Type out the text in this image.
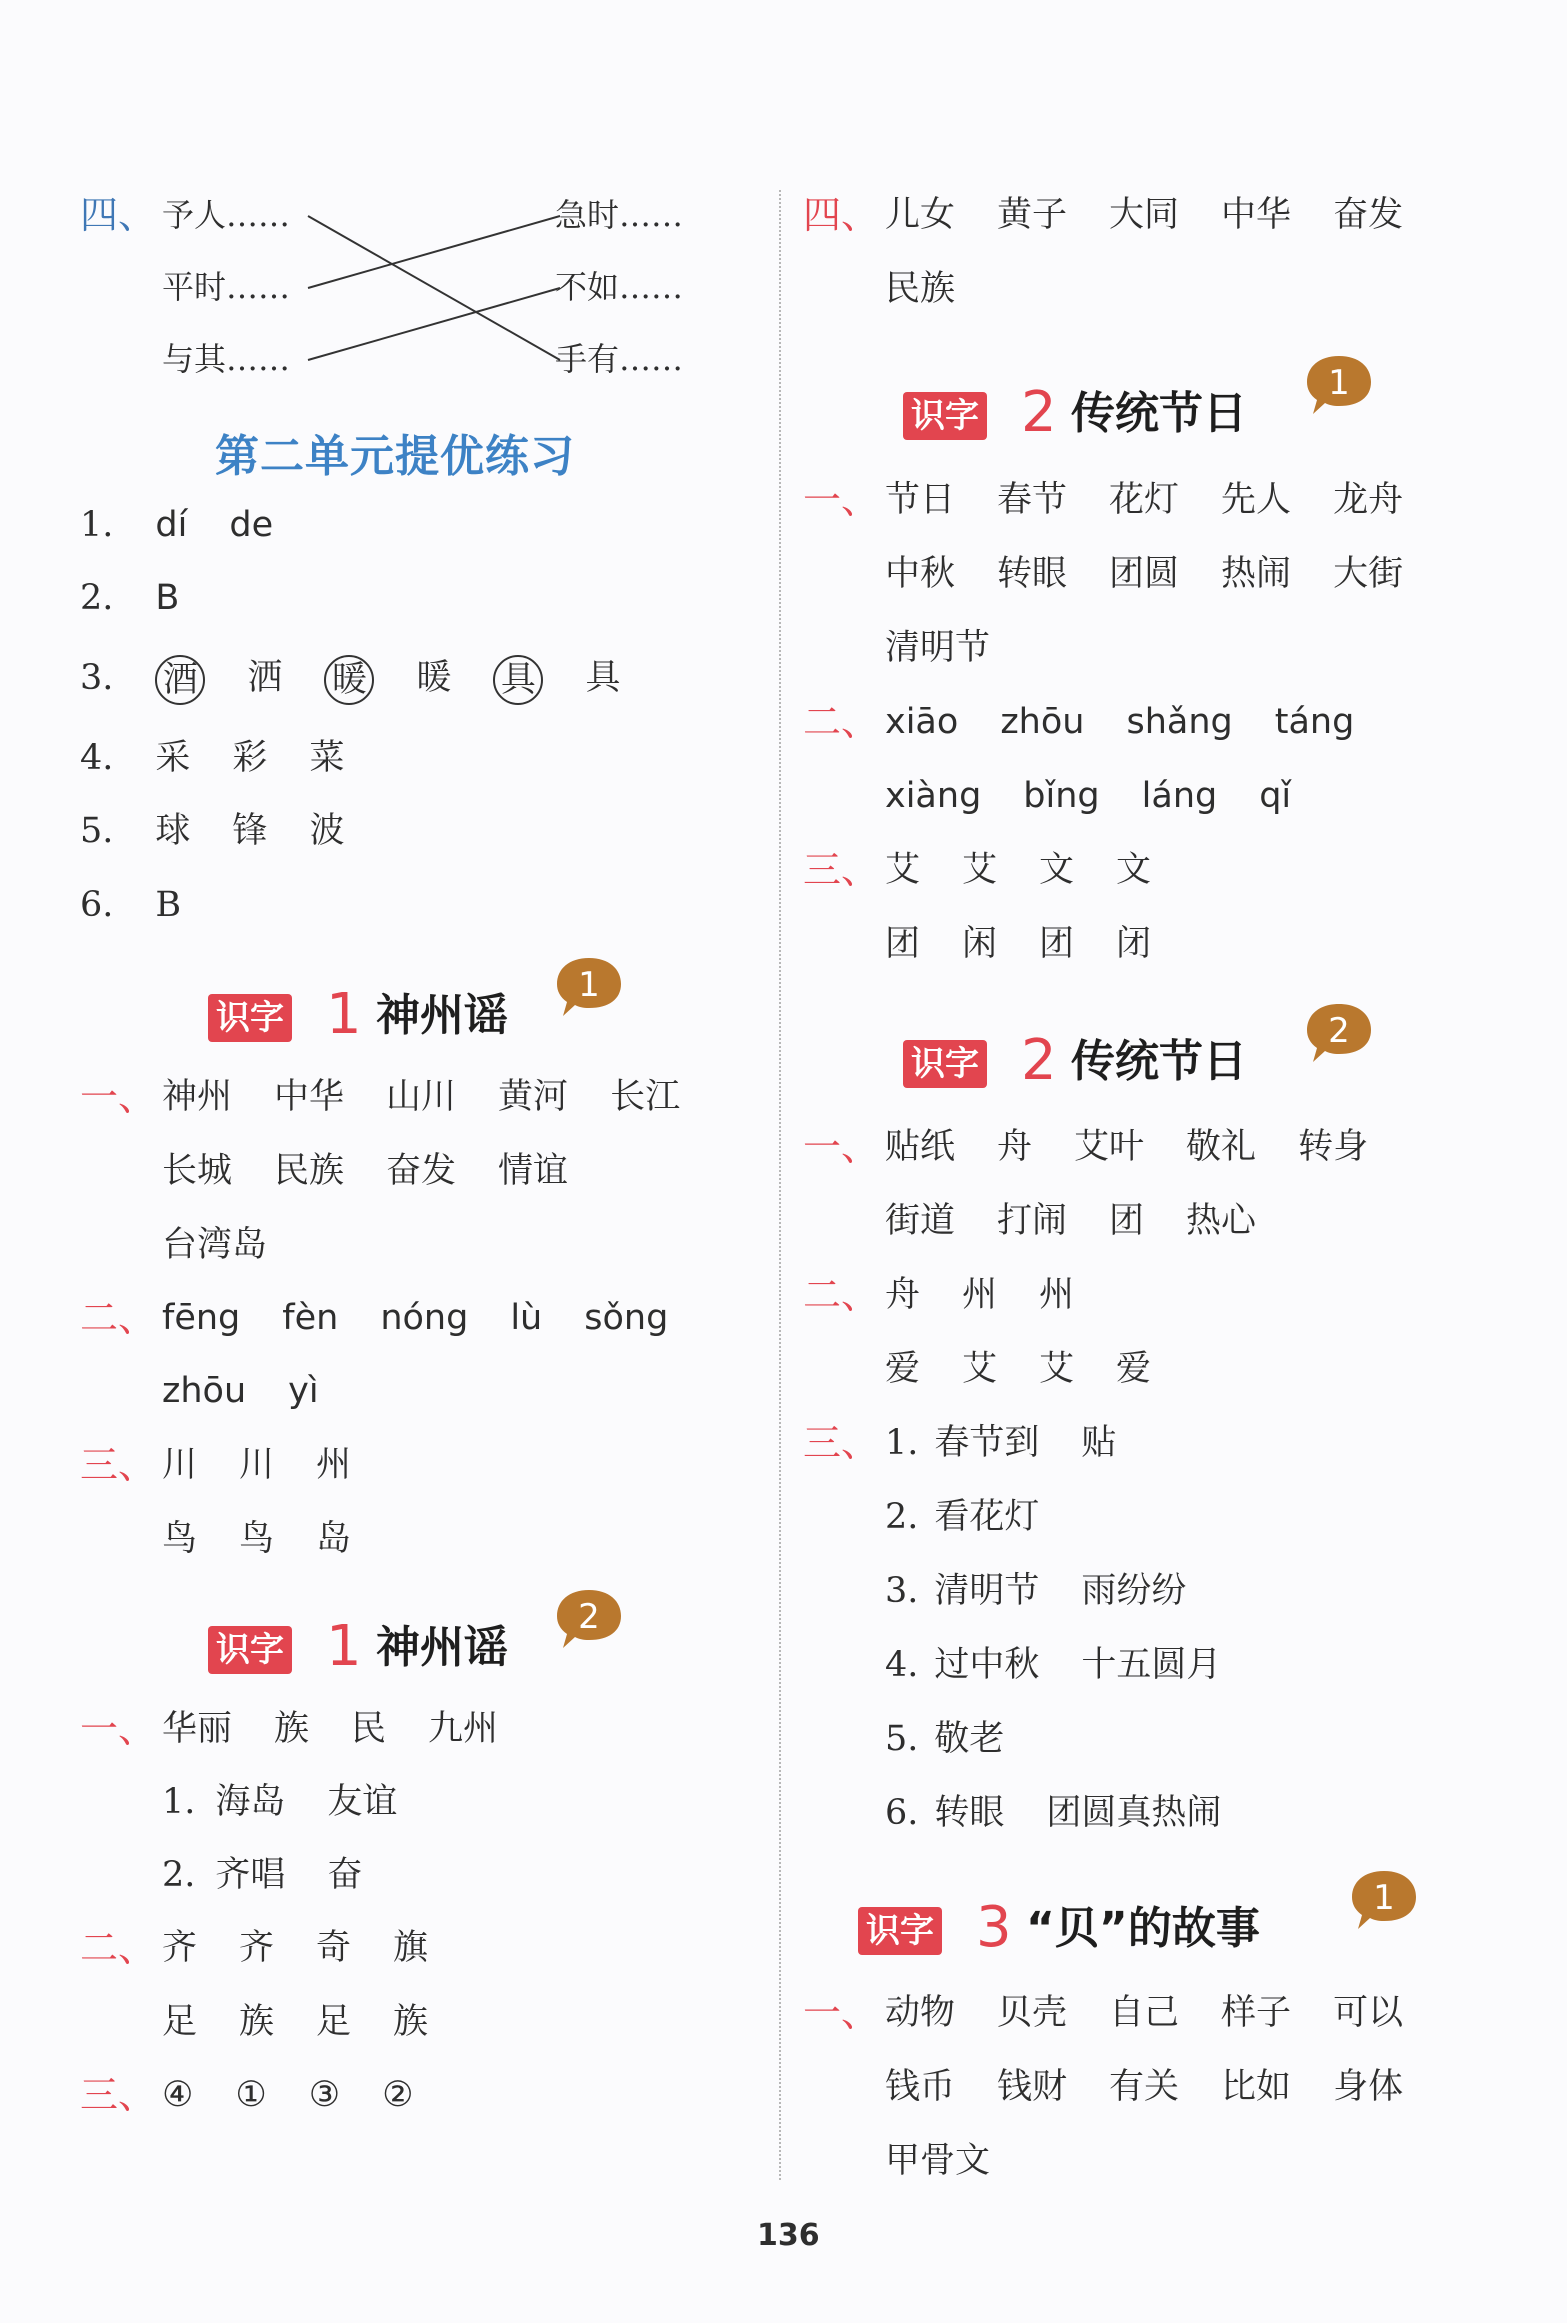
四、 予人……
平时……
与其……
急时……
不如……
手有……
第二单元提优练习
1. dí de
2. B
3. 酒 洒 暖 暖 具 具
4. 采 彩 菜
5. 球 锋 波
6. B
识字 1 神州谣
1
一、 神州 中华 山川 黄河 长江
长城 民族 奋发 情谊
台湾岛
二、 fēng fèn nóng lù sǒng
zhōu yì
三、 川 川 州
鸟 鸟 岛
识字 1 神州谣
2
一、 华丽 族 民 九州
1. 海岛 友谊
2. 齐唱 奋
二、 齐 齐 奇 旗
足 族 足 族
三、 ④ ① ③ ②
四、 儿女 黄子 大同 中华 奋发
民族
识字 2 传统节日
1
一、 节日 春节 花灯 先人 龙舟
中秋 转眼 团圆 热闹 大街
清明节
二、 xiāo zhōu shǎng táng
xiàng bǐng láng qǐ
三、 艾 艾 文 文
团 闲 团 闭
识字 2 传统节日
2
一、 贴纸 舟 艾叶 敬礼 转身
街道 打闹 团 热心
二、 舟 州 州
爱 艾 艾 爱
三、 1. 春节到 贴
2. 看花灯
3. 清明节 雨纷纷
4. 过中秋 十五圆月
5. 敬老
6. 转眼 团圆真热闹
识字 3 “贝”的故事
1
一、 动物 贝壳 自己 样子 可以
钱币 钱财 有关 比如 身体
甲骨文
136
